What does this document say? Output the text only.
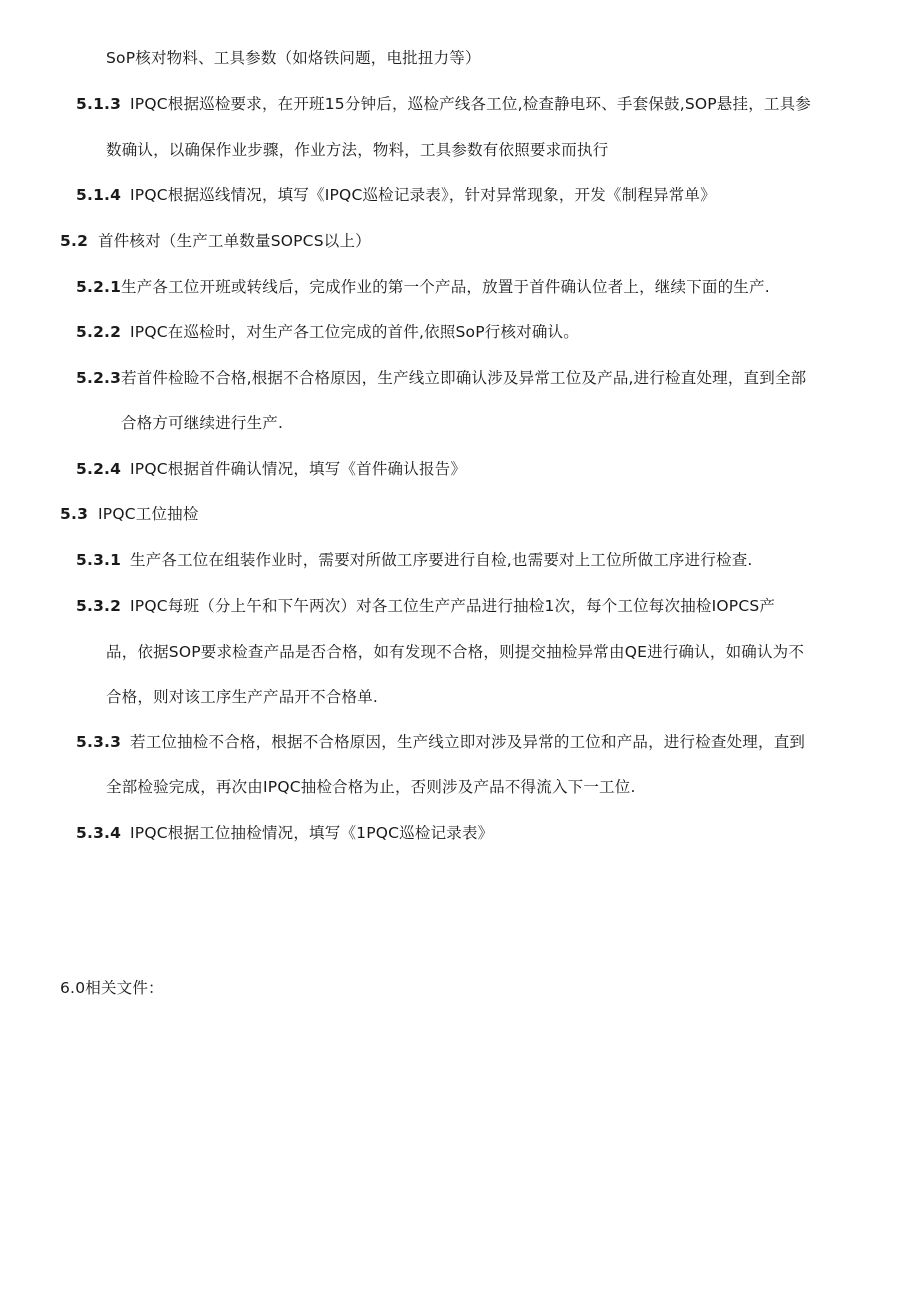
SoP核对物料、工具参数（如烙铁问题，电批扭力等）
5.1.3 IPQC根据巡检要求，在开班15分钟后，巡检产线各工位,检查静电环、手套保鼓,SOP悬挂，工具参
数确认，以确保作业步骤，作业方法，物料，工具参数有依照要求而执行
5.1.4 IPQC根据巡线情况，填写《IPQC巡检记录表》，针对异常现象，开发《制程异常单》
5.2 首件核对（生产工单数量SOPCS以上）
5.2.1生产各工位开班或转线后，完成作业的第一个产品，放置于首件确认位者上，继续下面的生产.
5.2.2 IPQC在巡检时，对生产各工位完成的首件,依照SoP行核对确认。
5.2.3若首件检睑不合格,根据不合格原因，生产线立即确认涉及异常工位及产品,进行检直处理，直到全部
合格方可继续进行生产.
5.2.4 IPQC根据首件确认情况，填写《首件确认报告》
5.3 IPQC工位抽检
5.3.1 生产各工位在组装作业时，需要对所做工序要进行自检,也需要对上工位所做工序进行检查.
5.3.2 IPQC每班（分上午和下午两次）对各工位生产产品进行抽检1次，每个工位每次抽检IOPCS产
品，依据SOP要求检查产品是否合格，如有发现不合格，则提交抽检异常由QE进行确认，如确认为不
合格，则对该工序生产产品开不合格单.
5.3.3 若工位抽检不合格，根据不合格原因，生产线立即对涉及异常的工位和产品，进行检查处理，直到
全部检验完成，再次由IPQC抽检合格为止，否则涉及产品不得流入下一工位.
5.3.4 IPQC根据工位抽检情况，填写《1PQC巡检记录表》
6.0相关文件：
